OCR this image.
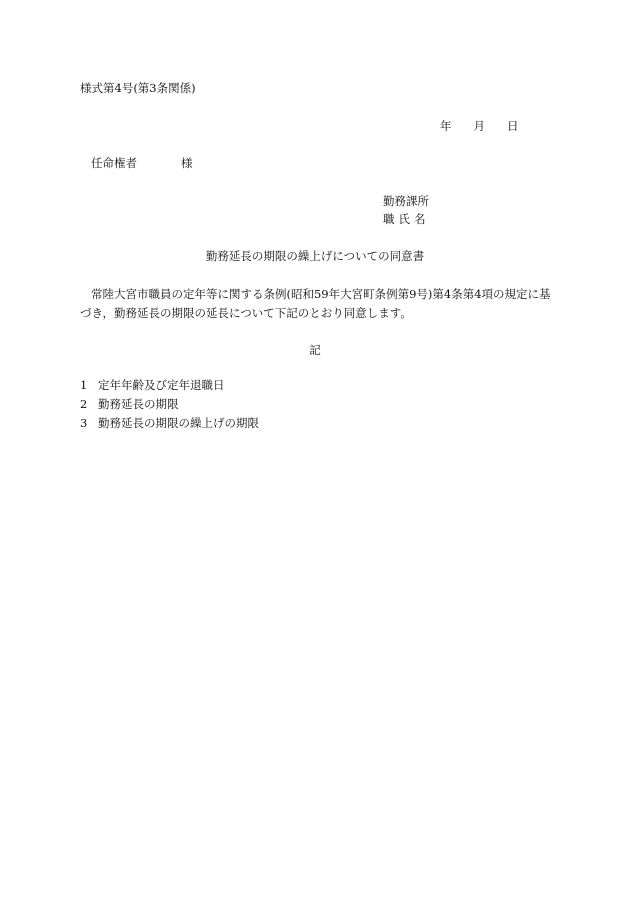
様式第4号(第3条関係)
年 月 日
任命権者	様
勤務課所
職氏名
勤務延長の期限の繰上げについての同意書

常陸大宮市職員の定年等に関する条例(昭和59年大宮町条例第9号)第4条第4項の規定に基づき，勤務延長の期限の延長について下記のとおり同意します。

記
1 定年年齢及び定年退職日
2 勤務延長の期限
3 勤務延長の期限の繰上げの期限
